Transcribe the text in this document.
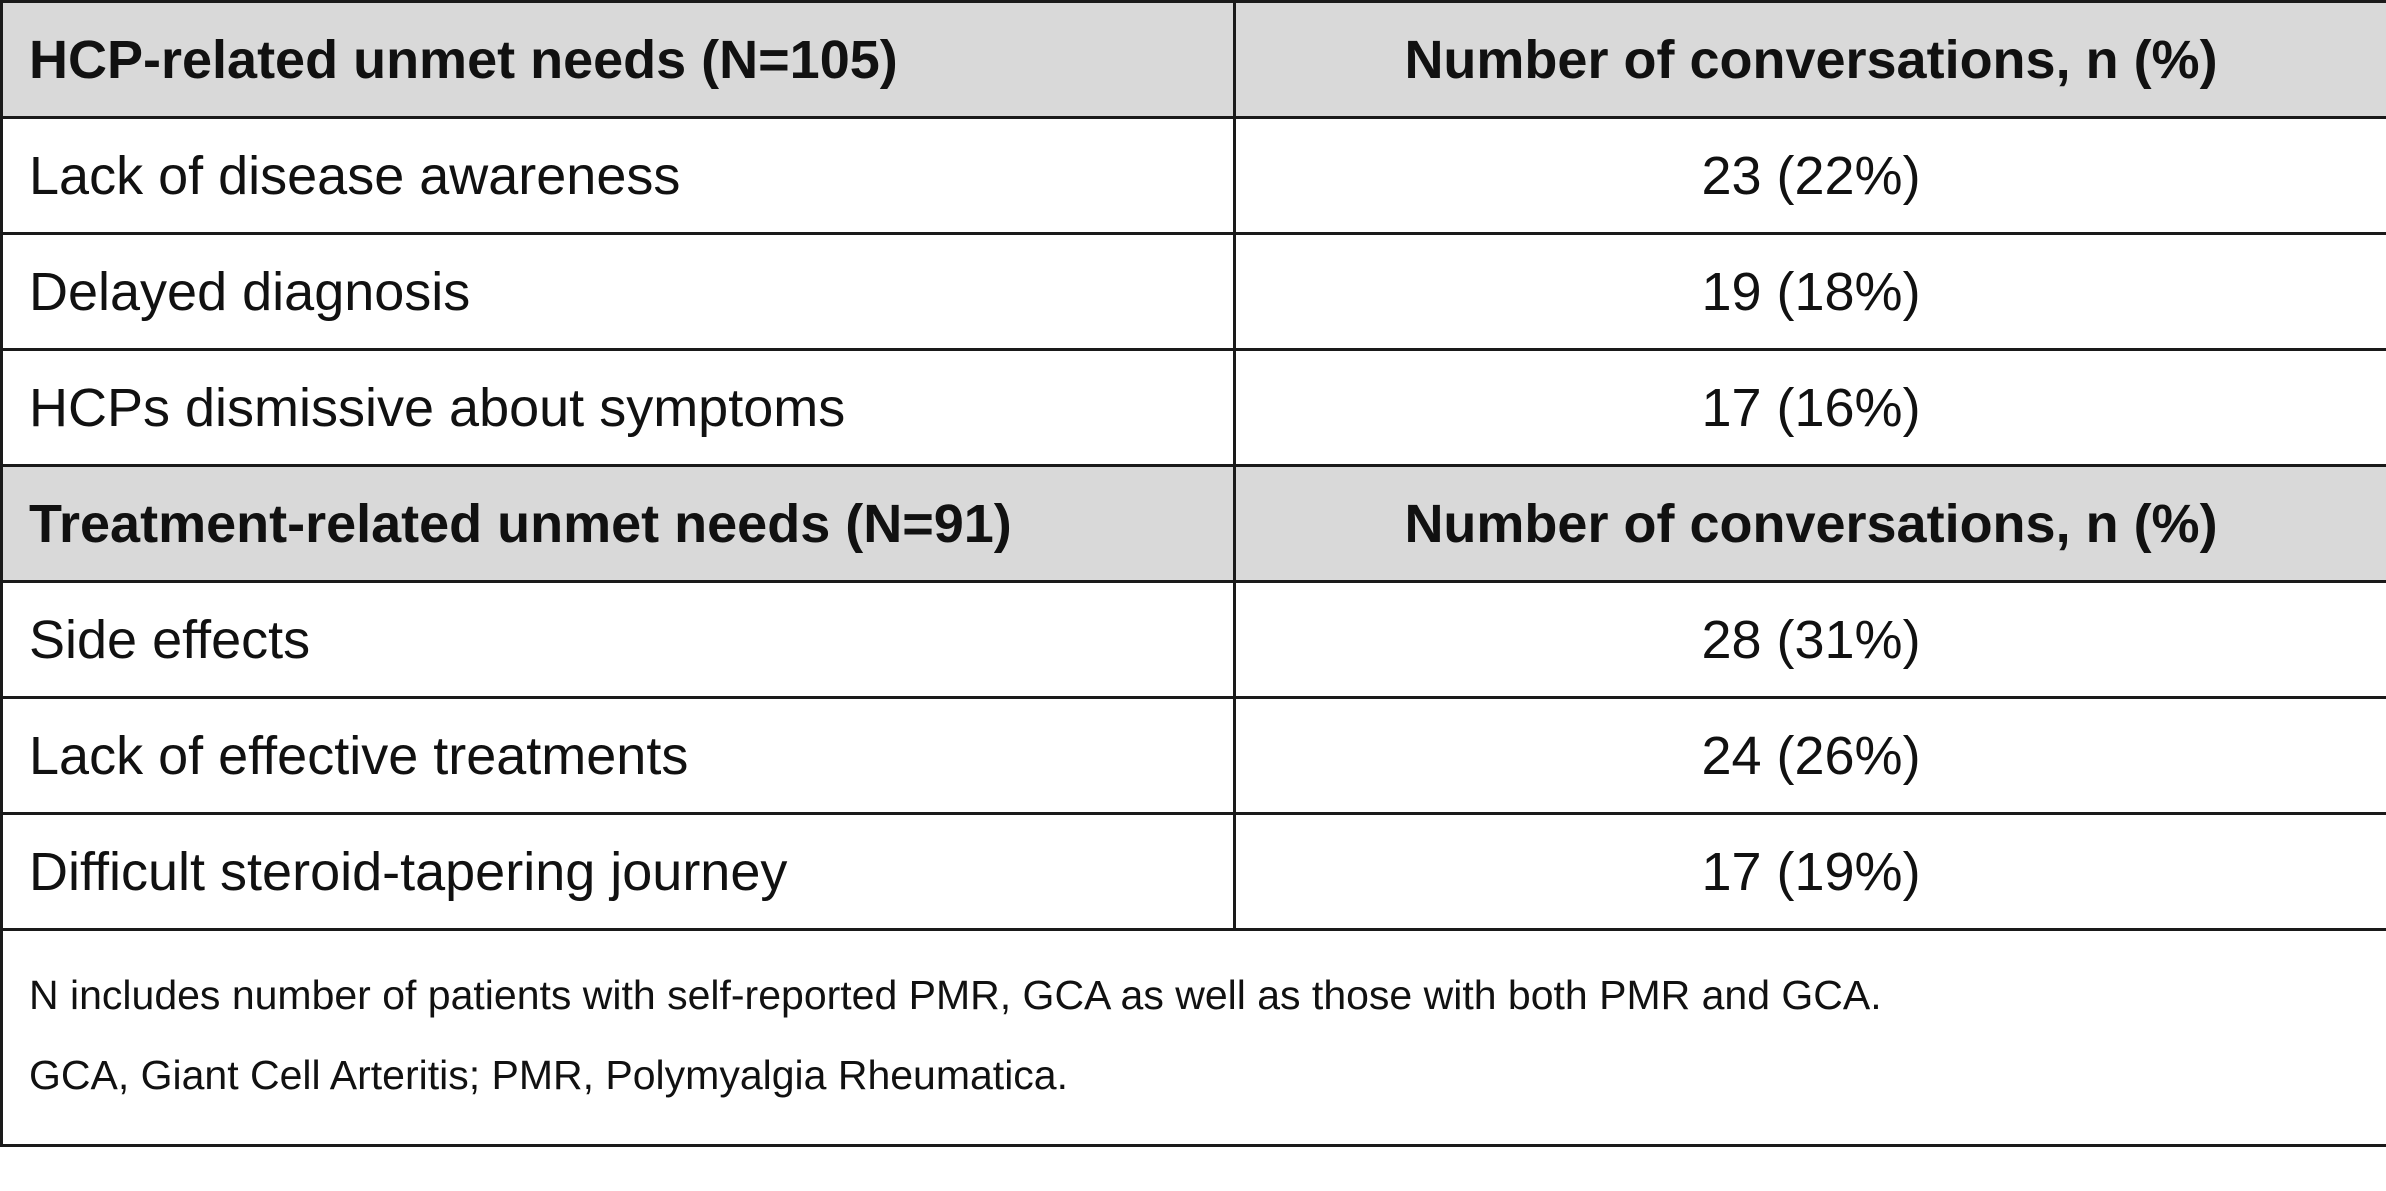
HCP-related unmet needs (N=105)	Number of conversations, n (%)
Lack of disease awareness	23 (22%)
Delayed diagnosis	19 (18%)
HCPs dismissive about symptoms	17 (16%)
Treatment-related unmet needs (N=91)	Number of conversations, n (%)
Side effects	28 (31%)
Lack of effective treatments	24 (26%)
Difficult steroid-tapering journey	17 (19%)

N includes number of patients with self-reported PMR, GCA as well as those with both PMR and GCA.
GCA, Giant Cell Arteritis; PMR, Polymyalgia Rheumatica.	
